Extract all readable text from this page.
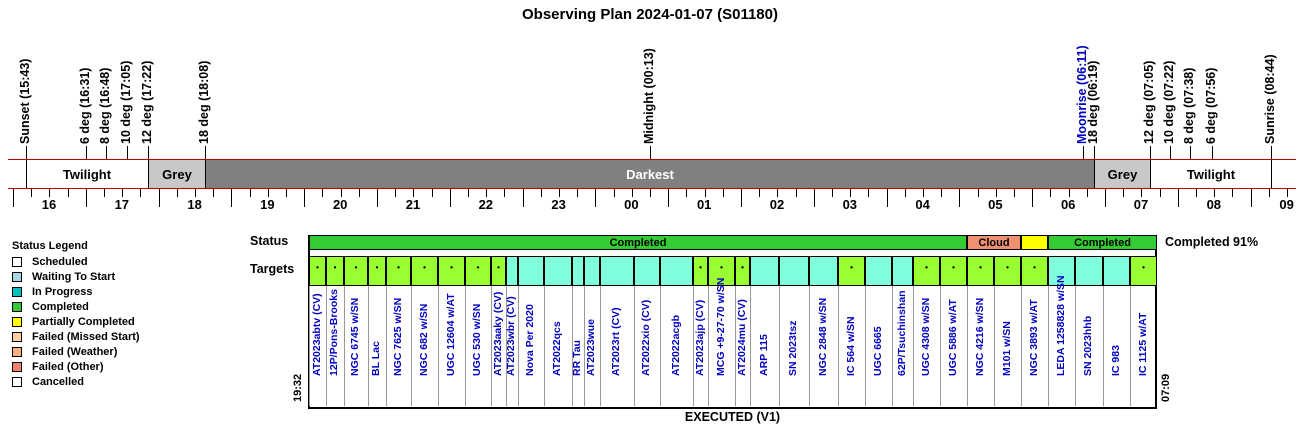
Observing Plan 2024-01-07 (S01180)
Sunset (15:43)	6 deg (16:31) 8 deg (16:48) 10 deg (17:05) 12 deg (17:22)	18 deg (18:08)	Midnight (00:13)	Moonrise (06:11)
18 deg (06:19)	12 deg (07:05) 10 deg (07:22) 8 deg (07:38) 6 deg (07:56)	Sunrise (08:44)
Twilight	Grey	Darkest	Grey	Twilight
16	17	18	19	20	21	22	23	00	01	02	03	04	05	06	07	08	09
Status Legend
Scheduled
Waiting To Start
In Progress
Completed
Partially Completed
Failed (Missed Start)
Failed (Weather)
Failed (Other)
Cancelled
Status
Targets
Completed	Cloud	Completed	Completed 91%
•
AT2023abtv (CV)
•
12P/Pons-Brooks
•
NGC 6745 w/SN
•
BL Lac
•
NGC 7625 w/SN
•
NGC 682 w/SN
•
UGC 12604 w/AT
•
UGC 530 w/SN
•
AT2023aaky (CV) AT2023wbr (CV) Nova Per 2020 AT2022qcs RR Tau AT2023wue AT2023rt (CV) AT2022xio (CV) AT2022acgb
•
AT2023ajp (CV)
•
MCG +9-27-70 w/SN
•
AT2024mu (CV) ARP 115 SN 2023tsz NGC 2848 w/SN
•
IC 564 w/SN UGC 6665 62P/Tsuchinshan
•
UGC 4308 w/SN
•
UGC 5886 w/AT
•
NGC 4216 w/SN
•
M101 w/SN
•
NGC 3893 w/AT LEDA 1258828 w/SN SN 2023hhb IC 983
•
IC 1125 w/AT
19:32	07:09
EXECUTED (V1)
